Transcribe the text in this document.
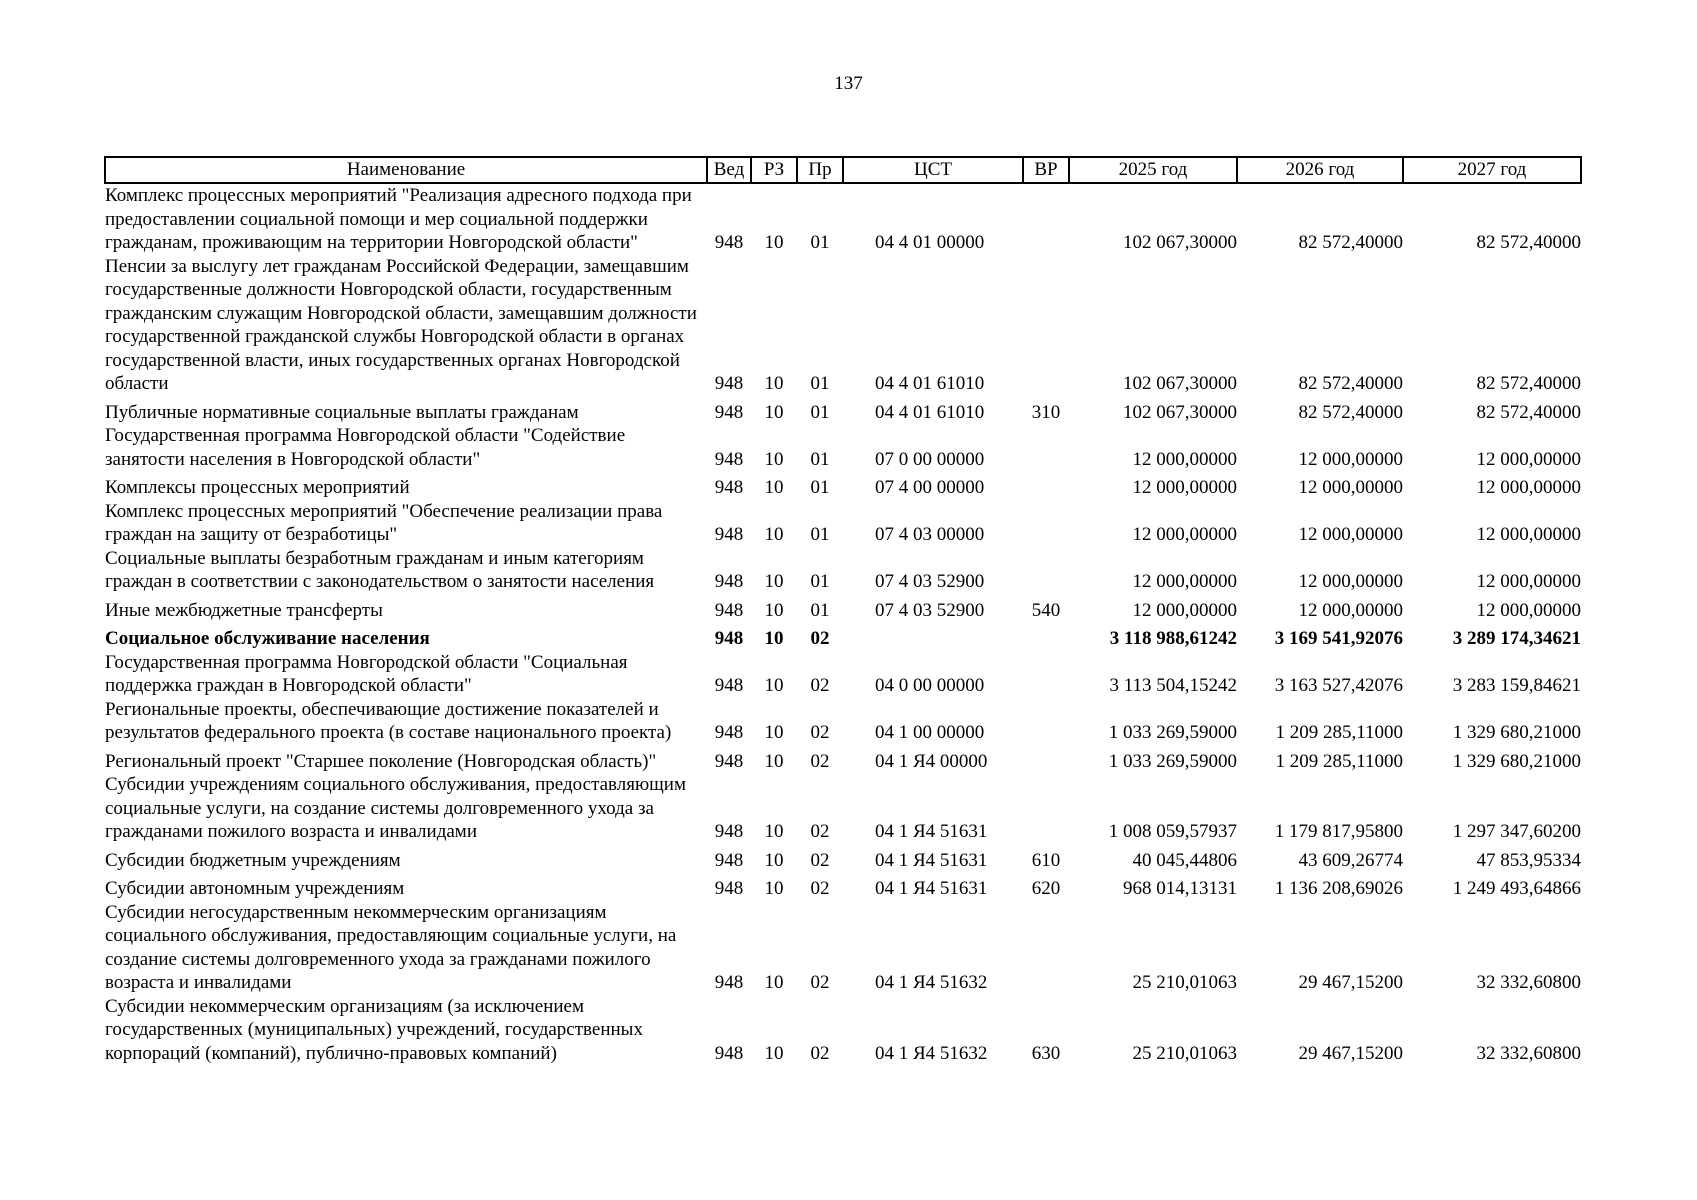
137
Наименование	Вед	РЗ	Пр	ЦСТ	ВР	2025 год	2026 год	2027 год
Комплекс процессных мероприятий "Реализация адресного подхода при предоставлении социальной помощи и мер социальной поддержки гражданам, проживающим на территории Новгородской области"	948	10	01	04 4 01 00000		102 067,30000	82 572,40000	82 572,40000
Пенсии за выслугу лет гражданам Российской Федерации, замещавшим государственные должности Новгородской области, государственным гражданским служащим Новгородской области, замещавшим должности государственной гражданской службы Новгородской области в органах государственной власти, иных государственных органах Новгородской области	948	10	01	04 4 01 61010		102 067,30000	82 572,40000	82 572,40000
Публичные нормативные социальные выплаты гражданам	948	10	01	04 4 01 61010	310	102 067,30000	82 572,40000	82 572,40000
Государственная программа Новгородской области "Содействие занятости населения в Новгородской области"	948	10	01	07 0 00 00000		12 000,00000	12 000,00000	12 000,00000
Комплексы процессных мероприятий	948	10	01	07 4 00 00000		12 000,00000	12 000,00000	12 000,00000
Комплекс процессных мероприятий "Обеспечение реализации права граждан на защиту от безработицы"	948	10	01	07 4 03 00000		12 000,00000	12 000,00000	12 000,00000
Социальные выплаты безработным гражданам и иным категориям граждан в соответствии с законодательством о занятости населения	948	10	01	07 4 03 52900		12 000,00000	12 000,00000	12 000,00000
Иные межбюджетные трансферты	948	10	01	07 4 03 52900	540	12 000,00000	12 000,00000	12 000,00000
Социальное обслуживание населения	948	10	02			3 118 988,61242	3 169 541,92076	3 289 174,34621
Государственная программа Новгородской области "Социальная поддержка граждан в Новгородской области"	948	10	02	04 0 00 00000		3 113 504,15242	3 163 527,42076	3 283 159,84621
Региональные проекты, обеспечивающие достижение показателей и результатов федерального проекта (в составе национального проекта)	948	10	02	04 1 00 00000		1 033 269,59000	1 209 285,11000	1 329 680,21000
Региональный проект "Старшее поколение (Новгородская область)"	948	10	02	04 1 Я4 00000		1 033 269,59000	1 209 285,11000	1 329 680,21000
Субсидии учреждениям социального обслуживания, предоставляющим социальные услуги, на создание системы долговременного ухода за гражданами пожилого возраста и инвалидами	948	10	02	04 1 Я4 51631		1 008 059,57937	1 179 817,95800	1 297 347,60200
Субсидии бюджетным учреждениям	948	10	02	04 1 Я4 51631	610	40 045,44806	43 609,26774	47 853,95334
Субсидии автономным учреждениям	948	10	02	04 1 Я4 51631	620	968 014,13131	1 136 208,69026	1 249 493,64866
Субсидии негосударственным некоммерческим организациям социального обслуживания, предоставляющим социальные услуги, на создание системы долговременного ухода за гражданами пожилого возраста и инвалидами	948	10	02	04 1 Я4 51632		25 210,01063	29 467,15200	32 332,60800
Субсидии некоммерческим организациям (за исключением государственных (муниципальных) учреждений, государственных корпораций (компаний), публично-правовых компаний)	948	10	02	04 1 Я4 51632	630	25 210,01063	29 467,15200	32 332,60800
